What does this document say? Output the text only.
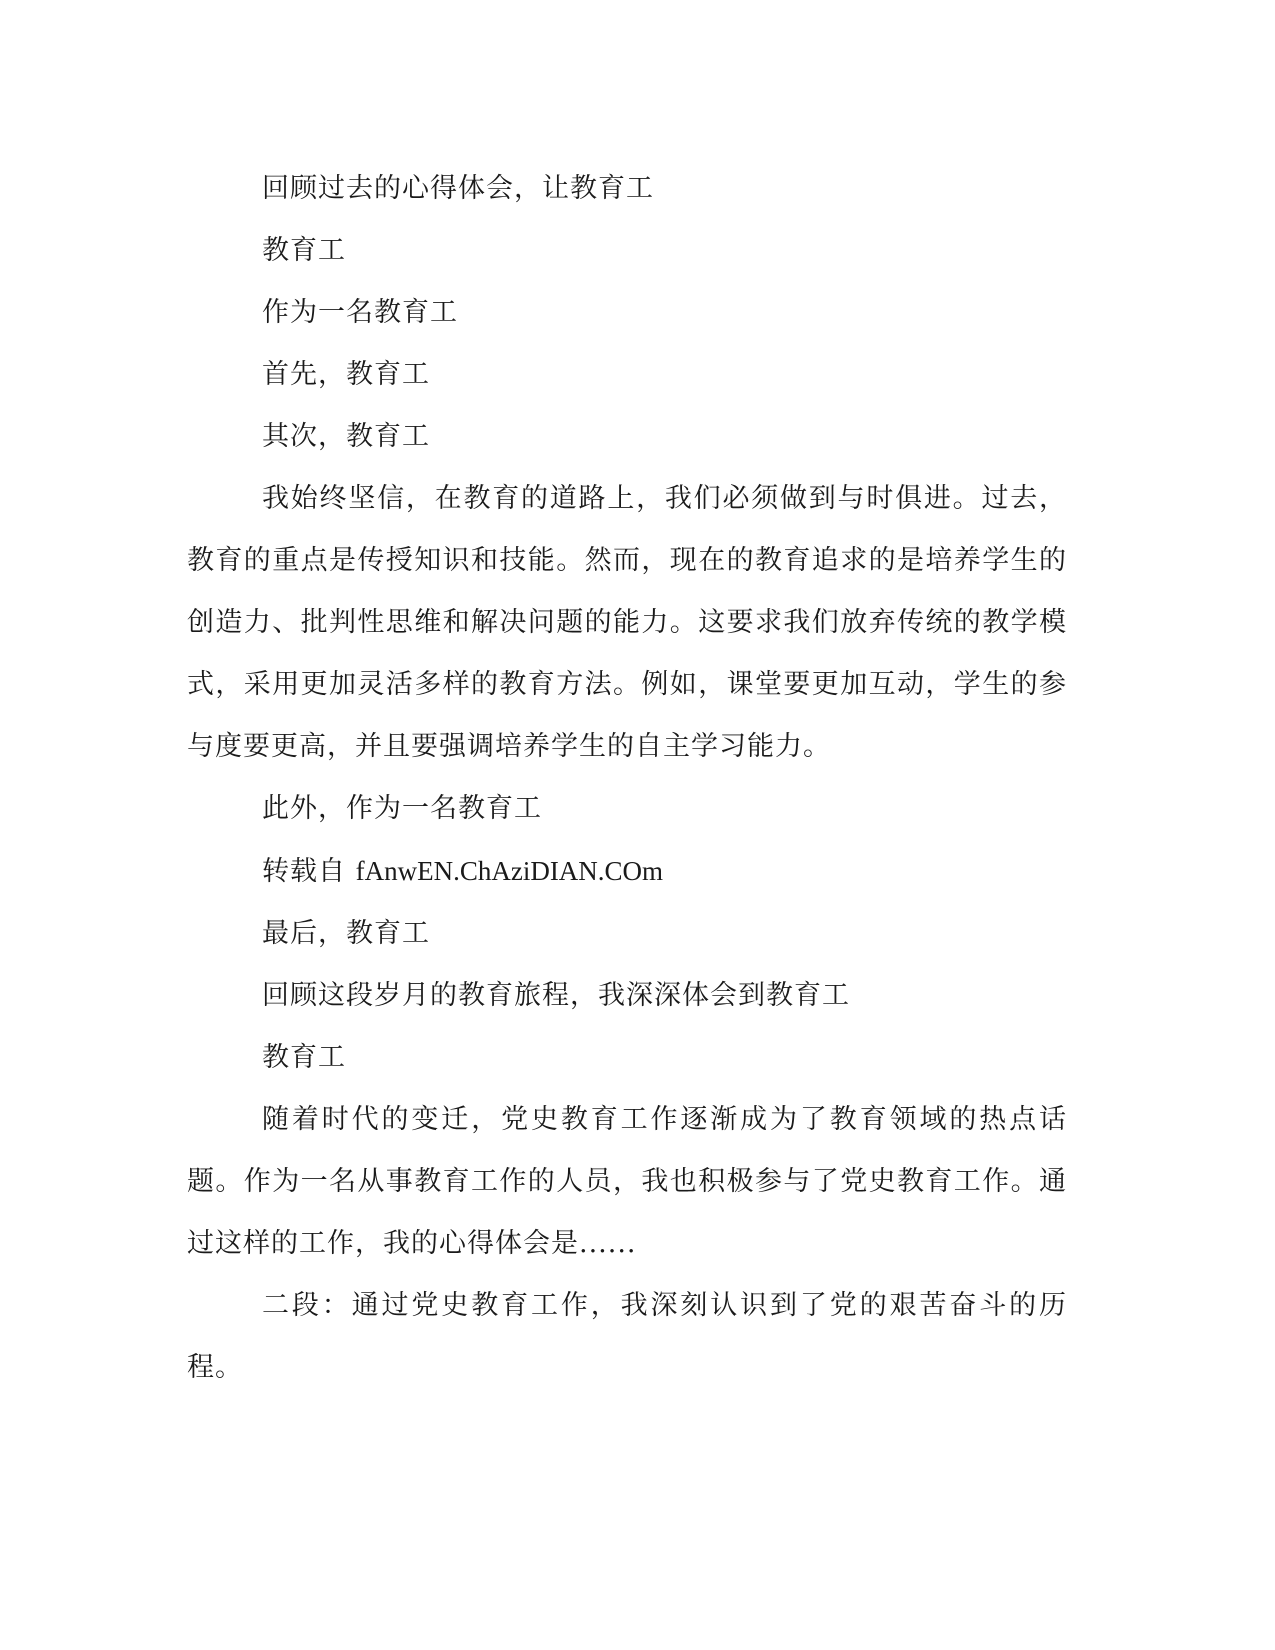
回顾过去的心得体会，让教育工

教育工

作为一名教育工

首先，教育工

其次，教育工

我始终坚信，在教育的道路上，我们必须做到与时俱进。过去，教育的重点是传授知识和技能。然而，现在的教育追求的是培养学生的创造力、批判性思维和解决问题的能力。这要求我们放弃传统的教学模式，采用更加灵活多样的教育方法。例如，课堂要更加互动，学生的参与度要更高，并且要强调培养学生的自主学习能力。

此外，作为一名教育工

转载自 fAnwEN.ChAziDIAN.COm

最后，教育工

回顾这段岁月的教育旅程，我深深体会到教育工

教育工

随着时代的变迁，党史教育工作逐渐成为了教育领域的热点话题。作为一名从事教育工作的人员，我也积极参与了党史教育工作。通过这样的工作，我的心得体会是......

二段：通过党史教育工作，我深刻认识到了党的艰苦奋斗的历程。
